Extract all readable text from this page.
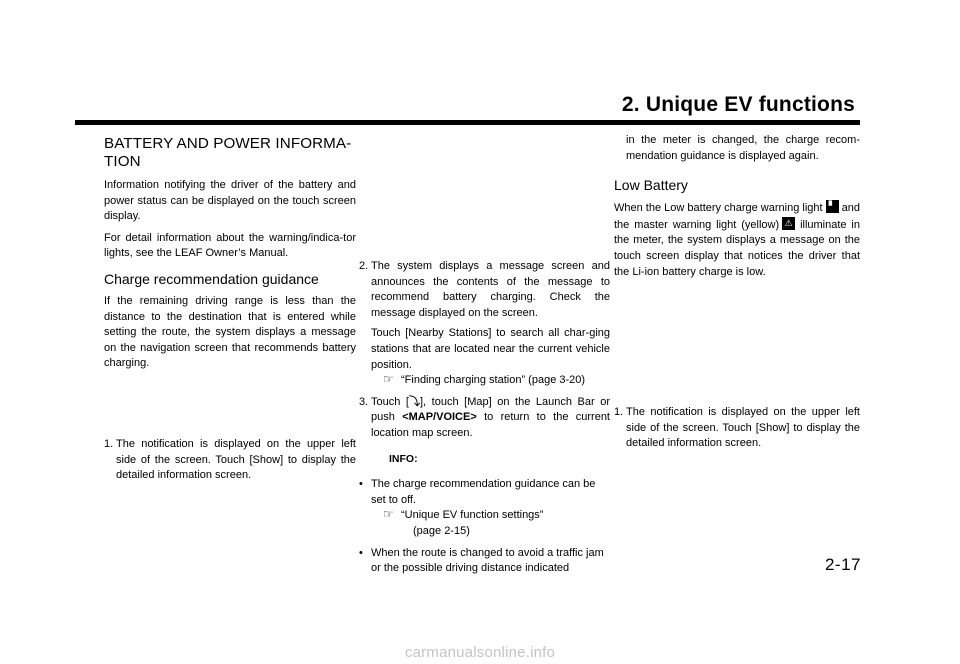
2. Unique EV functions
BATTERY AND POWER INFORMA-
TION

Information notifying the driver of the battery and power status can be displayed on the touch screen display.

For detail information about the warning/indica-tor lights, see the LEAF Owner’s Manual.

Charge recommendation guidance

If the remaining driving range is less than the distance to the destination that is entered while setting the route, the system displays a message on the navigation screen that recommends battery charging.

1. The notification is displayed on the upper left side of the screen. Touch [Show] to display the detailed information screen.
2. The system displays a message screen and announces the contents of the message to recommend battery charging. Check the message displayed on the screen.
Touch [Nearby Stations] to search all char-ging stations that are located near the current vehicle position.
☞ “Finding charging station” (page 3-20)
3. Touch [⤵], touch [Map] on the Launch Bar or push <MAP/VOICE> to return to the current location map screen.
INFO:
• The charge recommendation guidance can be set to off.
☞ “Unique EV function settings”
(page 2-15)
• When the route is changed to avoid a traffic jam or the possible driving distance indicated
in the meter is changed, the charge recom-mendation guidance is displayed again.
Low Battery

When the Low battery charge warning light ▘ and the master warning light (yellow) ⚠ illuminate in the meter, the system displays a message on the touch screen display that notices the driver that the Li-ion battery charge is low.

1. The notification is displayed on the upper left side of the screen. Touch [Show] to display the detailed information screen.
2-17
carmanualsonline.info
